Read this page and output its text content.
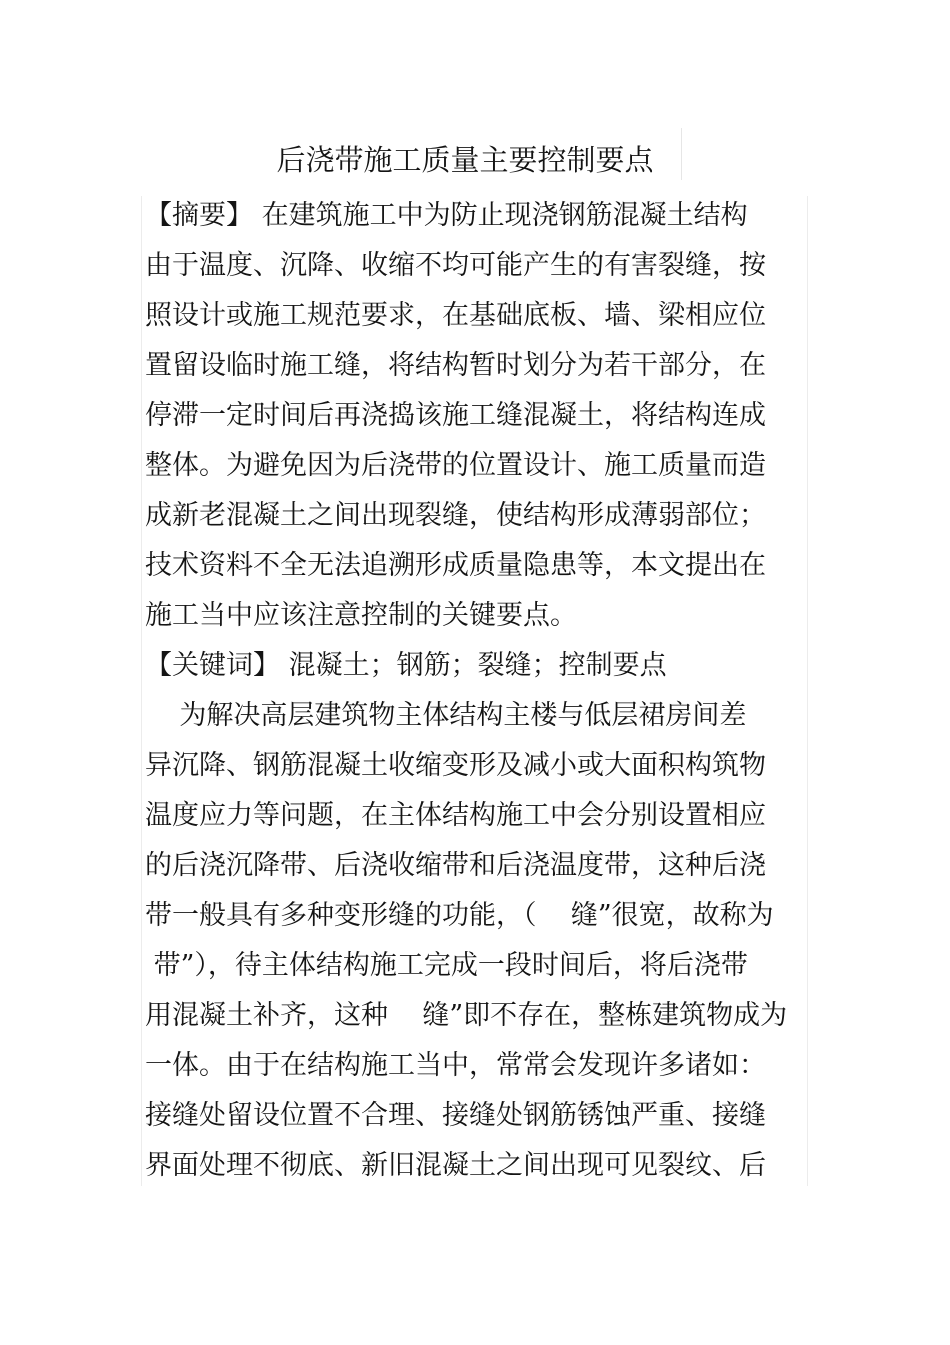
后浇带施工质量主要控制要点
【摘要】 在建筑施工中为防止现浇钢筋混凝土结构
由于温度、沉降、收缩不均可能产生的有害裂缝，按
照设计或施工规范要求，在基础底板、墙、梁相应位
置留设临时施工缝，将结构暂时划分为若干部分，在
停滞一定时间后再浇捣该施工缝混凝土，将结构连成
整体。为避免因为后浇带的位置设计、施工质量而造
成新老混凝土之间出现裂缝，使结构形成薄弱部位；
技术资料不全无法追溯形成质量隐患等，本文提出在
施工当中应该注意控制的关键要点。
【关键词】 混凝土；钢筋；裂缝；控制要点
为解决高层建筑物主体结构主楼与低层裙房间差
异沉降、钢筋混凝土收缩变形及减小或大面积构筑物
温度应力等问题，在主体结构施工中会分别设置相应
的后浇沉降带、后浇收缩带和后浇温度带，这种后浇
带一般具有多种变形缝的功能，（    缝”很宽，故称为
带”），待主体结构施工完成一段时间后，将后浇带
用混凝土补齐，这种    缝”即不存在，整栋建筑物成为
一体。由于在结构施工当中，常常会发现许多诸如：
接缝处留设位置不合理、接缝处钢筋锈蚀严重、接缝
界面处理不彻底、新旧混凝土之间出现可见裂纹、后
